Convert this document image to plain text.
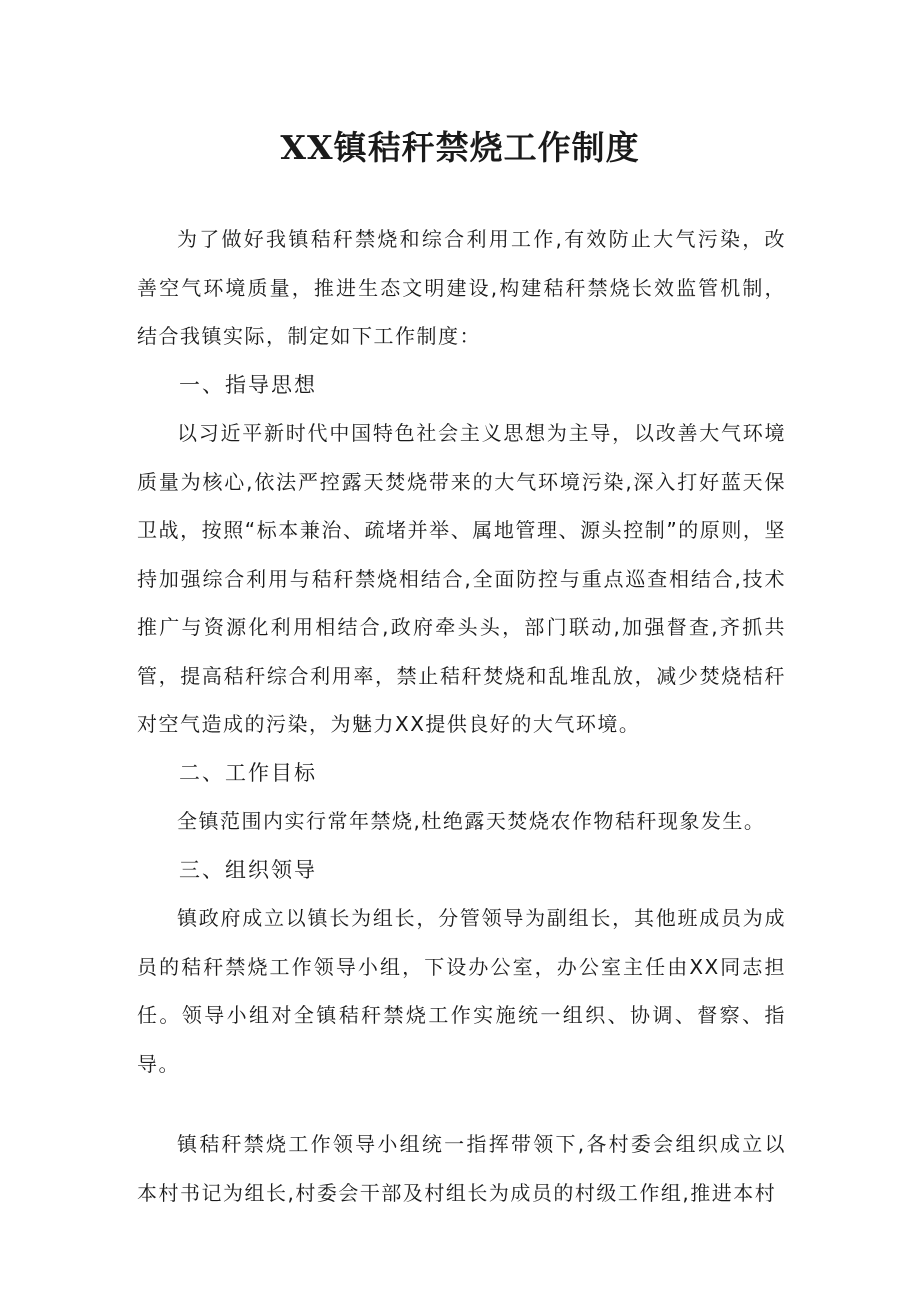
XX镇秸秆禁烧工作制度

为了做好我镇秸秆禁烧和综合利用工作,有效防止大气污染，改善空气环境质量，推进生态文明建设,构建秸秆禁烧长效监管机制，结合我镇实际，制定如下工作制度：

一、指导思想

以习近平新时代中国特色社会主义思想为主导，以改善大气环境质量为核心,依法严控露天焚烧带来的大气环境污染,深入打好蓝天保卫战，按照“标本兼治、疏堵并举、属地管理、源头控制”的原则，坚持加强综合利用与秸秆禁烧相结合,全面防控与重点巡查相结合,技术推广与资源化利用相结合,政府牵头头，部门联动,加强督查,齐抓共管，提高秸秆综合利用率，禁止秸秆焚烧和乱堆乱放，减少焚烧桔秆对空气造成的污染，为魅力XX提供良好的大气环境。

二、工作目标

全镇范围内实行常年禁烧,杜绝露天焚烧农作物秸秆现象发生。

三、组织领导

镇政府成立以镇长为组长，分管领导为副组长，其他班成员为成员的秸秆禁烧工作领导小组，下设办公室，办公室主任由XX同志担任。领导小组对全镇秸秆禁烧工作实施统一组织、协调、督察、指导。

镇秸秆禁烧工作领导小组统一指挥带领下,各村委会组织成立以本村书记为组长,村委会干部及村组长为成员的村级工作组,推进本村
